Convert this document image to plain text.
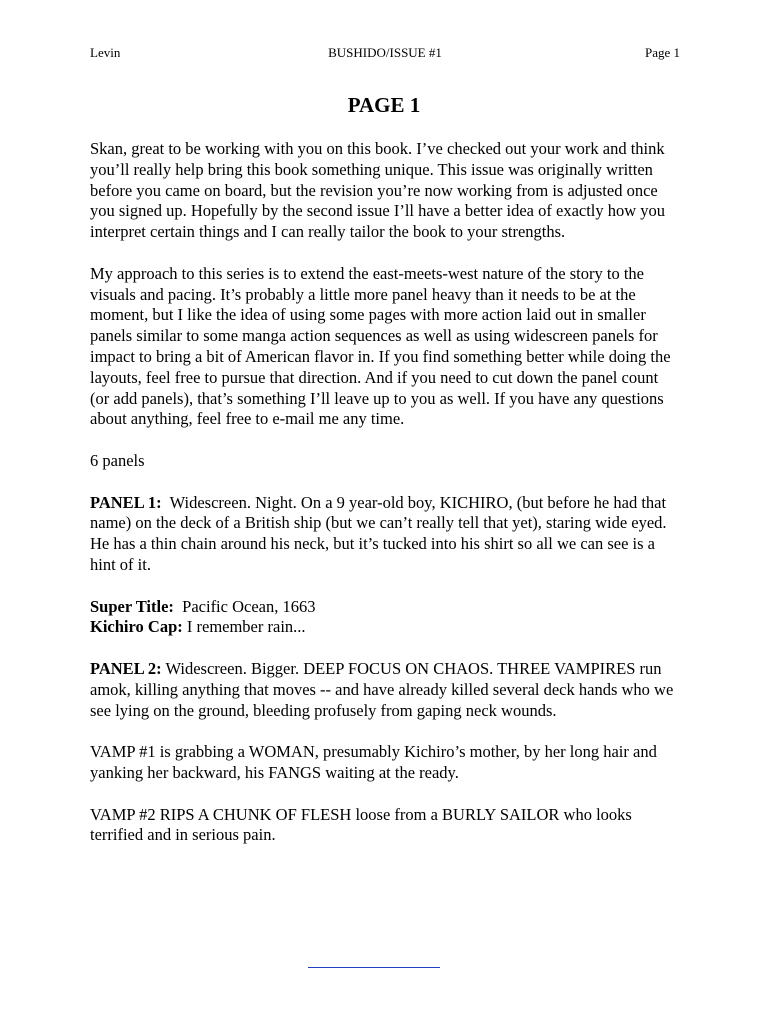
Levin	BUSHIDO/ISSUE #1	Page 1
PAGE 1

Skan, great to be working with you on this book. I’ve checked out your work and think you’ll really help bring this book something unique. This issue was originally written before you came on board, but the revision you’re now working from is adjusted once you signed up. Hopefully by the second issue I’ll have a better idea of exactly how you interpret certain things and I can really tailor the book to your strengths.

My approach to this series is to extend the east-meets-west nature of the story to the visuals and pacing. It’s probably a little more panel heavy than it needs to be at the moment, but I like the idea of using some pages with more action laid out in smaller panels similar to some manga action sequences as well as using widescreen panels for impact to bring a bit of American flavor in. If you find something better while doing the layouts, feel free to pursue that direction. And if you need to cut down the panel count (or add panels), that’s something I’ll leave up to you as well. If you have any questions about anything, feel free to e-mail me any time.

6 panels

PANEL 1: Widescreen. Night. On a 9 year-old boy, KICHIRO, (but before he had that name) on the deck of a British ship (but we can’t really tell that yet), staring wide eyed. He has a thin chain around his neck, but it’s tucked into his shirt so all we can see is a hint of it.

Super Title: Pacific Ocean, 1663

Kichiro Cap: I remember rain...

PANEL 2: Widescreen. Bigger. DEEP FOCUS ON CHAOS. THREE VAMPIRES run amok, killing anything that moves -- and have already killed several deck hands who we see lying on the ground, bleeding profusely from gaping neck wounds.

VAMP #1 is grabbing a WOMAN, presumably Kichiro’s mother, by her long hair and yanking her backward, his FANGS waiting at the ready.

VAMP #2 RIPS A CHUNK OF FLESH loose from a BURLY SAILOR who looks terrified and in serious pain.
